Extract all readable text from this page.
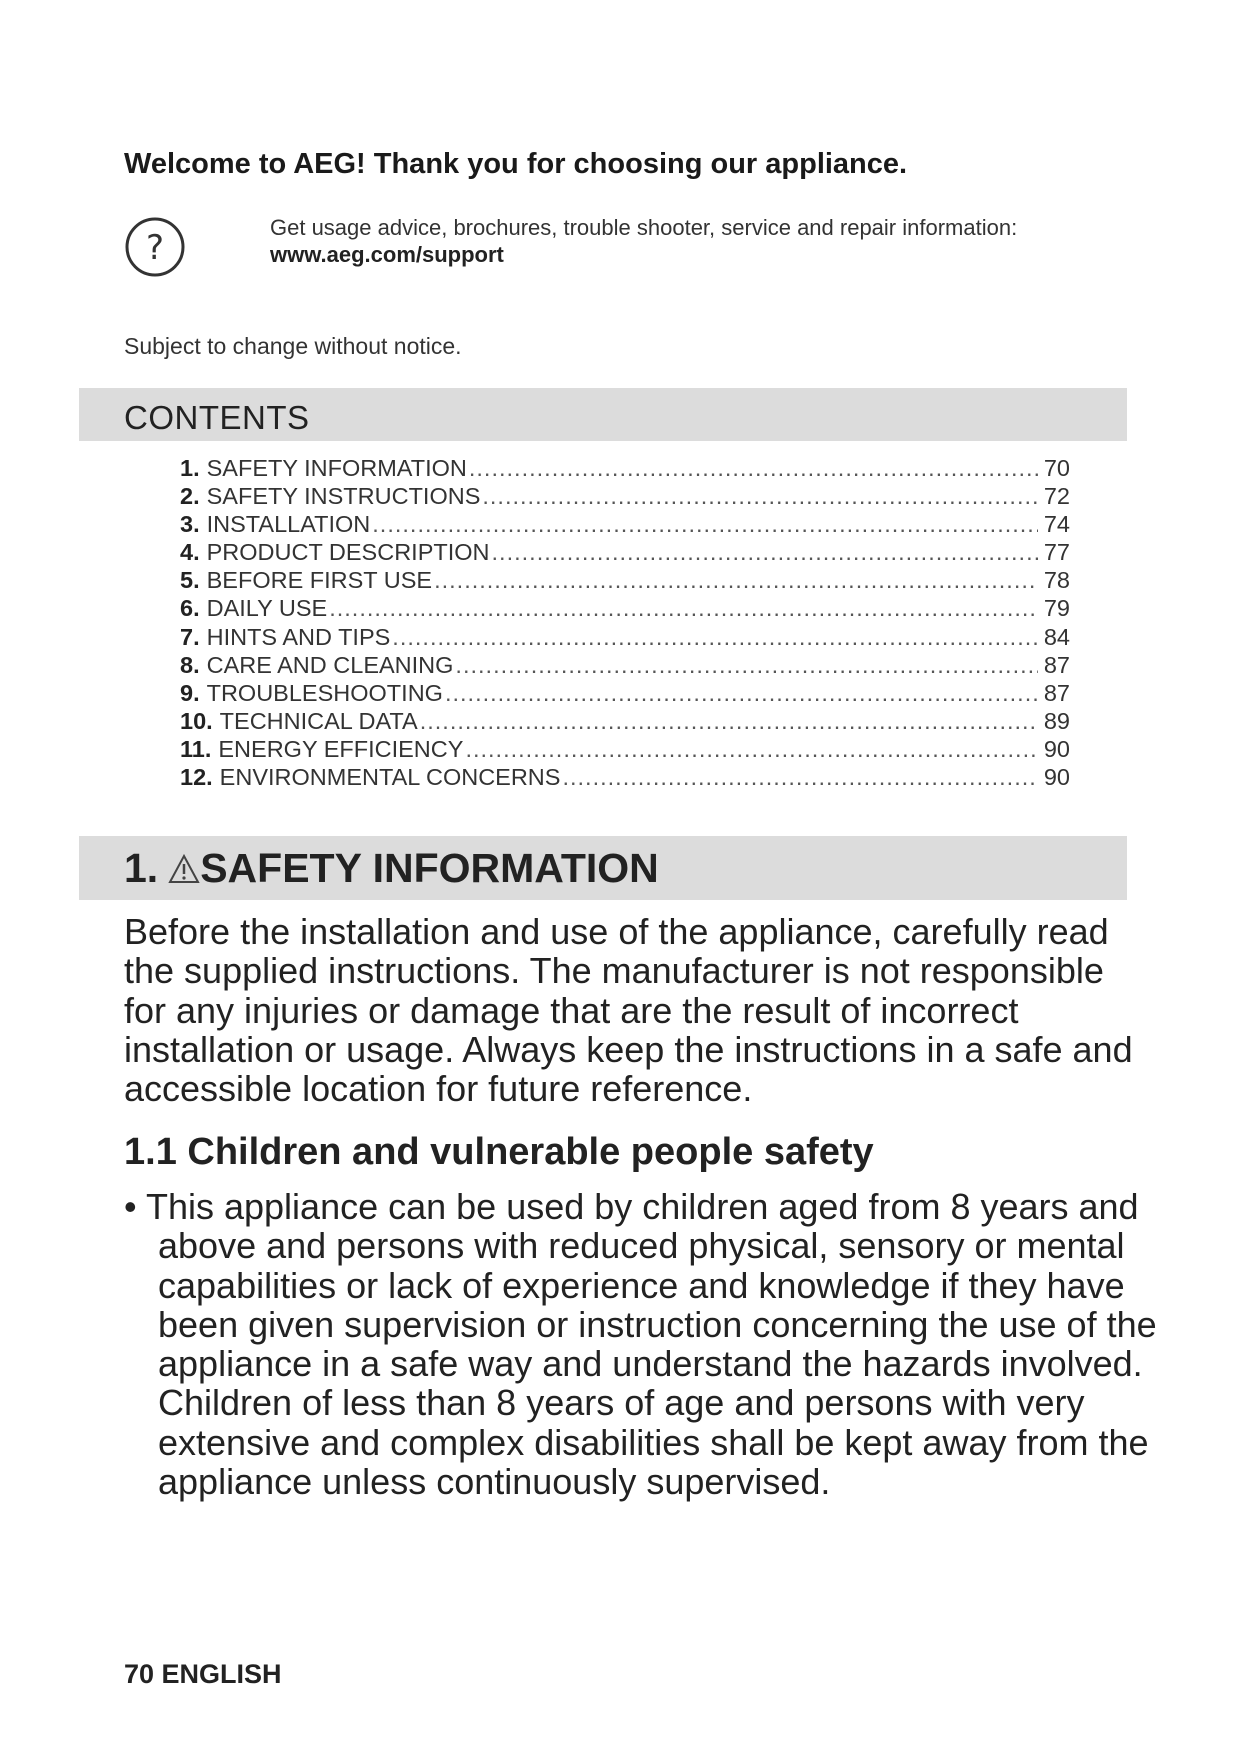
Welcome to AEG! Thank you for choosing our appliance.
?
Get usage advice, brochures, trouble shooter, service and repair information:
www.aeg.com/support
Subject to change without notice.
CONTENTS
1. SAFETY INFORMATION .....	70
2. SAFETY INSTRUCTIONS .....	72
3. INSTALLATION .....	74
4. PRODUCT DESCRIPTION .....	77
5. BEFORE FIRST USE .....	78
6. DAILY USE .....	79
7. HINTS AND TIPS .....	84
8. CARE AND CLEANING .....	87
9. TROUBLESHOOTING .....	87
10. TECHNICAL DATA .....	89
11. ENERGY EFFICIENCY .....	90
12. ENVIRONMENTAL CONCERNS .....	90
1. SAFETY INFORMATION

Before the installation and use of the appliance, carefully read the supplied instructions. The manufacturer is not responsible for any injuries or damage that are the result of incorrect installation or usage. Always keep the instructions in a safe and accessible location for future reference.

1.1 Children and vulnerable people safety

• This appliance can be used by children aged from 8 years and above and persons with reduced physical, sensory or mental capabilities or lack of experience and knowledge if they have been given supervision or instruction concerning the use of the appliance in a safe way and understand the hazards involved. Children of less than 8 years of age and persons with very extensive and complex disabilities shall be kept away from the appliance unless continuously supervised.

70 ENGLISH
